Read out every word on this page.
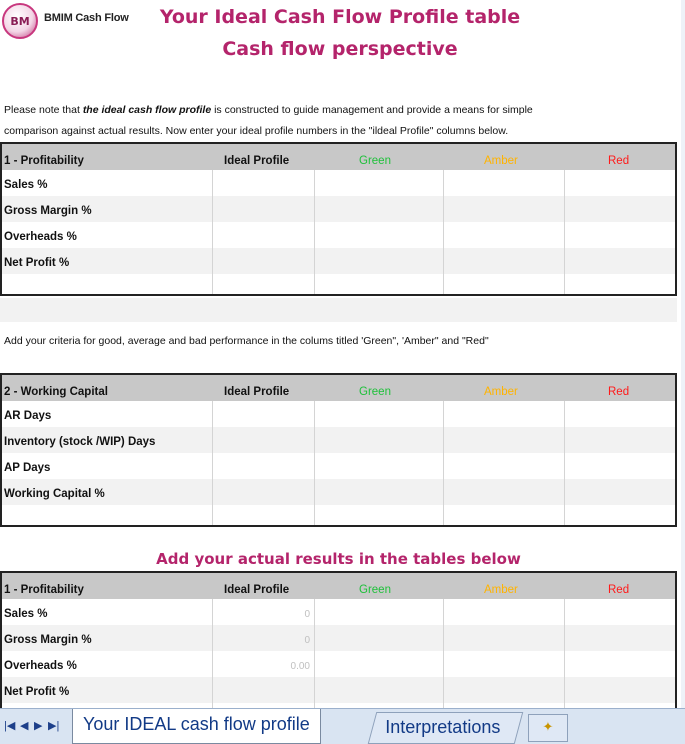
BM	BMIM Cash Flow	Your Ideal Cash Flow Profile table
Cash flow perspective
Please note that the ideal cash flow profile is constructed to guide management and provide a means for simple
comparison against actual results. Now enter your ideal profile numbers in the "ildeal Profile" columns below.
1 - Profitability	Ideal Profile	Green	Amber	Red
Sales %
Gross Margin %
Overheads %
Net Profit %
Add your criteria for good, average and bad performance in the colums titled 'Green", 'Amber" and "Red"
2 - Working Capital	Ideal Profile	Green	Amber	Red
AR Days
Inventory (stock /WIP) Days
AP Days
Working Capital %
Add your actual results in the tables below
1 - Profitability	Ideal Profile	Green	Amber	Red
Sales %	0
Gross Margin %	0
Overheads %	0.00
Net Profit %
|◀ ◀ ▶ ▶|	Your IDEAL cash flow profile	Interpretations	✦
